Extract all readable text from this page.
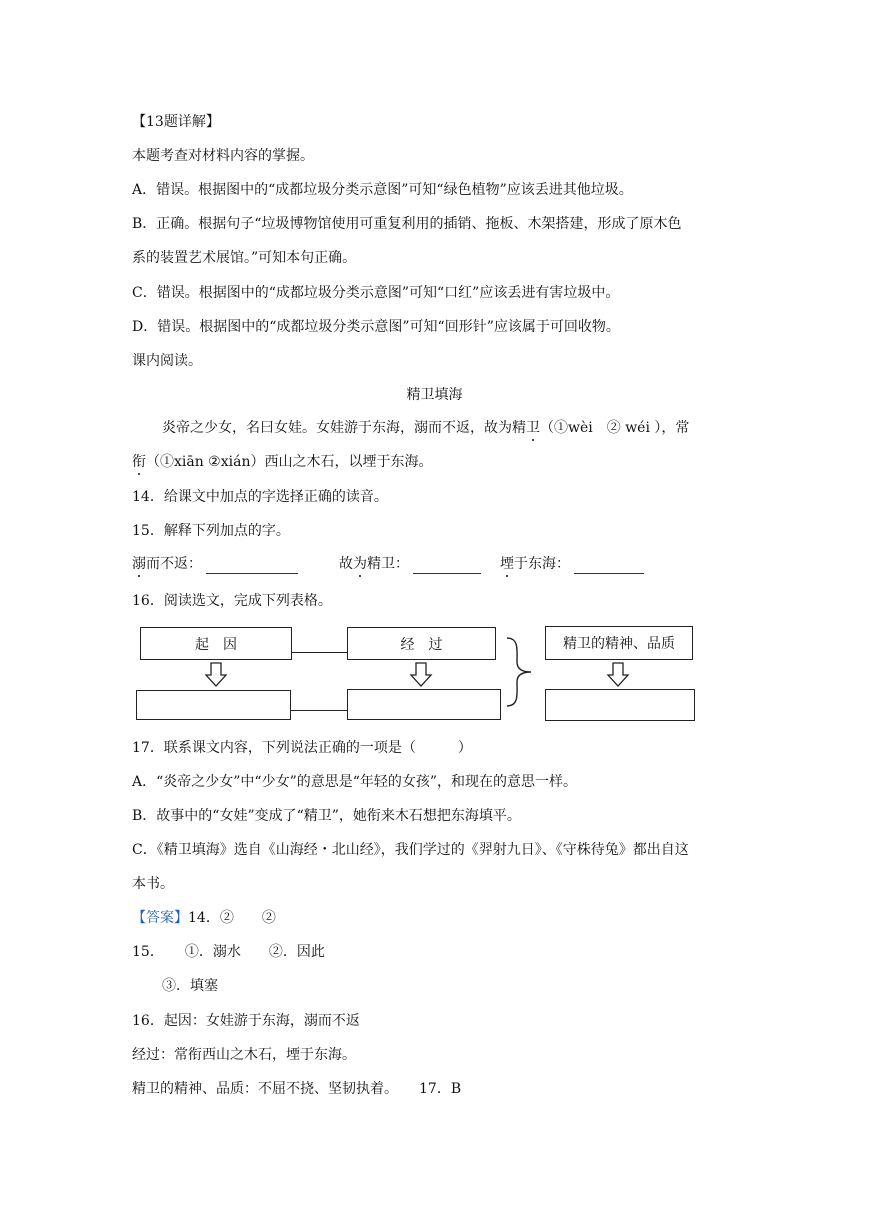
【13题详解】
本题考查对材料内容的掌握。
A．错误。根据图中的“成都垃圾分类示意图”可知“绿色植物”应该丢进其他垃圾。
B．正确。根据句子“垃圾博物馆使用可重复利用的插销、拖板、木架搭建，形成了原木色
系的装置艺术展馆。”可知本句正确。
C．错误。根据图中的“成都垃圾分类示意图”可知“口红”应该丢进有害垃圾中。
D．错误。根据图中的“成都垃圾分类示意图”可知“回形针”应该属于可回收物。
课内阅读。
精卫填海
炎帝之少女，名曰女娃。女娃游于东海，溺而不返，故为精卫（①wèi　② wéi ），常
衔（①xiān ②xián）西山之木石，以堙于东海。
14．给课文中加点的字选择正确的读音。
15．解释下列加点的字。
溺而不返：	故为精卫：	堙于东海：
16．阅读选文，完成下列表格。
起　因	经　过	精卫的精神、品质
17．联系课文内容，下列说法正确的一项是（　　　）
A．“炎帝之少女”中“少女”的意思是“年轻的女孩”，和现在的意思一样。
B．故事中的“女娃”变成了“精卫”，她衔来木石想把东海填平。
C．《精卫填海》选自《山海经・北山经》，我们学过的《羿射九日》、《守株待兔》都出自这
本书。
【答案】14．②　　②
15．　　①．溺水　　②．因此
③．填塞
16．起因：女娃游于东海，溺而不返
经过：常衔西山之木石，堙于东海。
精卫的精神、品质：不屈不挠、坚韧执着。　　17．B
